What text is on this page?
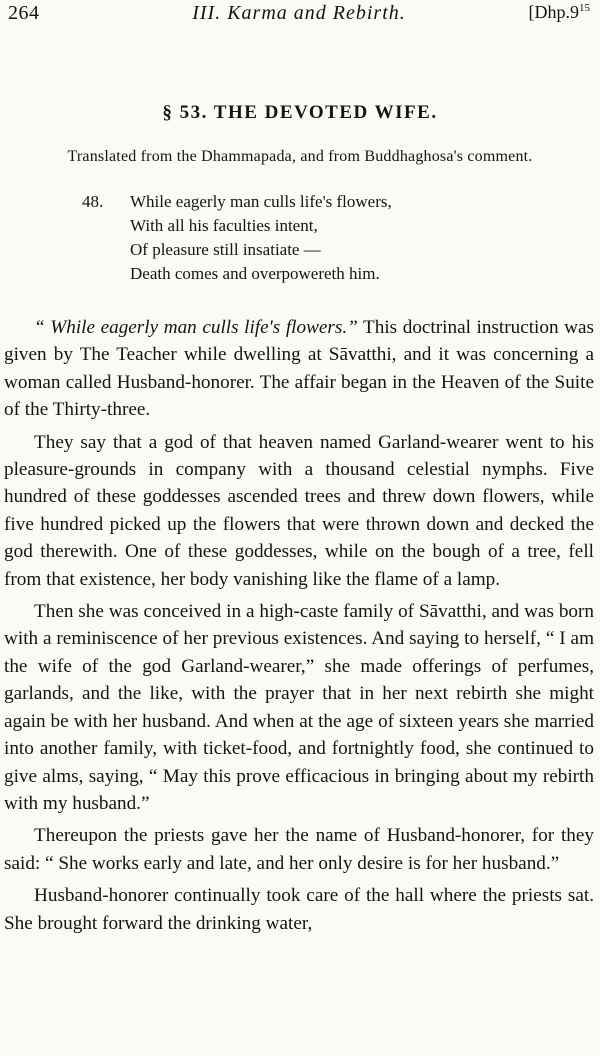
264	III. Karma and Rebirth.	[$Dhp.9^{15}$
§ 53. THE DEVOTED WIFE.
Translated from the Dhammapada, and from Buddhaghosa's comment.
48. While eagerly man culls life's flowers,
With all his faculties intent,
Of pleasure still insatiate —
Death comes and overpowereth him.

“ While eagerly man culls life's flowers.” This doctrinal instruction was given by The Teacher while dwelling at Sāvatthi, and it was concerning a woman called Husband-honorer. The affair began in the Heaven of the Suite of the Thirty-three.

They say that a god of that heaven named Garland-wearer went to his pleasure-grounds in company with a thousand celestial nymphs. Five hundred of these goddesses ascended trees and threw down flowers, while five hundred picked up the flowers that were thrown down and decked the god therewith. One of these goddesses, while on the bough of a tree, fell from that existence, her body vanishing like the flame of a lamp.

Then she was conceived in a high-caste family of Sāvatthi, and was born with a reminiscence of her previous existences. And saying to herself, “ I am the wife of the god Garland-wearer,” she made offerings of perfumes, garlands, and the like, with the prayer that in her next rebirth she might again be with her husband. And when at the age of sixteen years she married into another family, with ticket-food, and fortnightly food, she continued to give alms, saying, “ May this prove efficacious in bringing about my rebirth with my husband.”

Thereupon the priests gave her the name of Husband-honorer, for they said: “ She works early and late, and her only desire is for her husband.”

Husband-honorer continually took care of the hall where the priests sat. She brought forward the drinking water,
